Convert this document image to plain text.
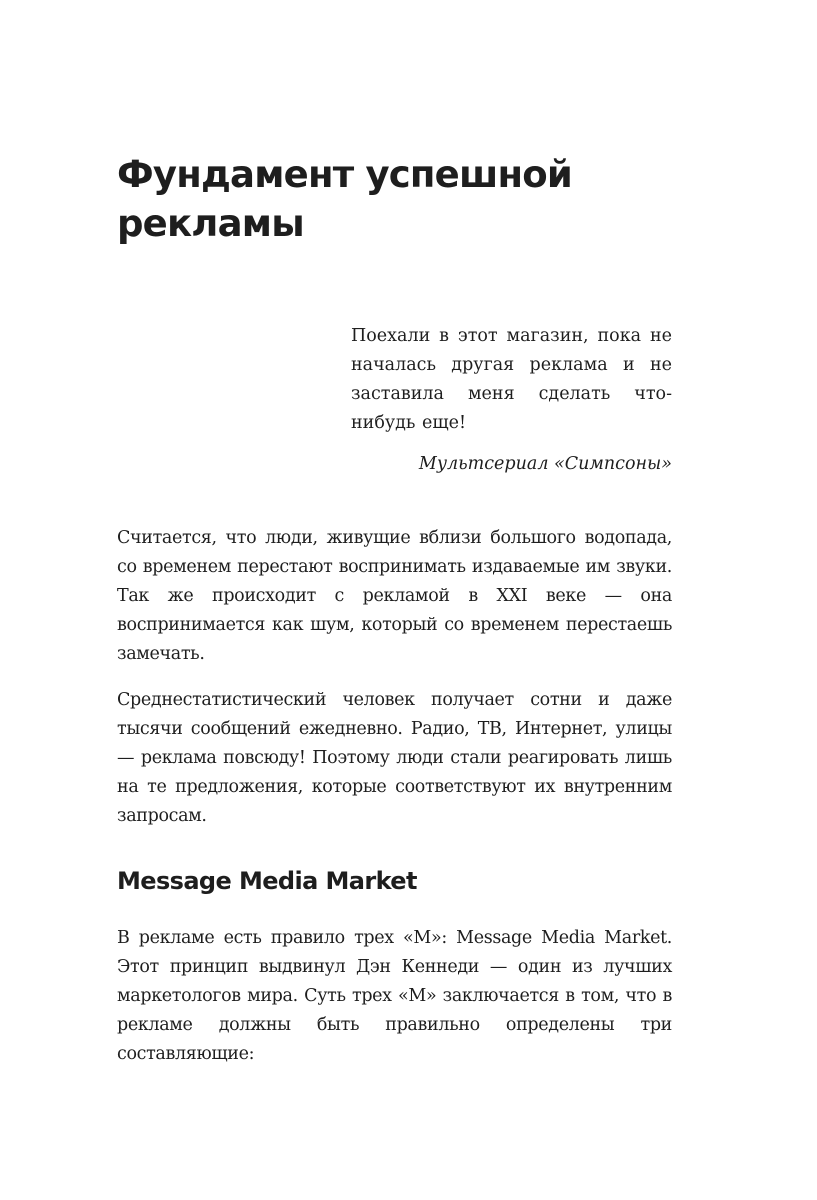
Фундамент успешной рекламы

Поехали в этот магазин, пока не началась другая реклама и не заставила меня сделать что-нибудь еще!

Мультсериал «Симпсоны»

Считается, что люди, живущие вблизи большого водопада, со временем перестают воспринимать издаваемые им звуки. Так же происходит с рекламой в XXI веке — она воспринимается как шум, который со временем перестаешь замечать.

Среднестатистический человек получает сотни и даже тысячи сообщений ежедневно. Радио, ТВ, Интернет, улицы — реклама повсюду! Поэтому люди стали реагировать лишь на те предложения, которые соответствуют их внутренним запросам.

Message Media Market

В рекламе есть правило трех «М»: Message Media Market. Этот принцип выдвинул Дэн Кеннеди — один из лучших маркетологов мира. Суть трех «М» заключается в том, что в рекламе должны быть правильно определены три составляющие:
